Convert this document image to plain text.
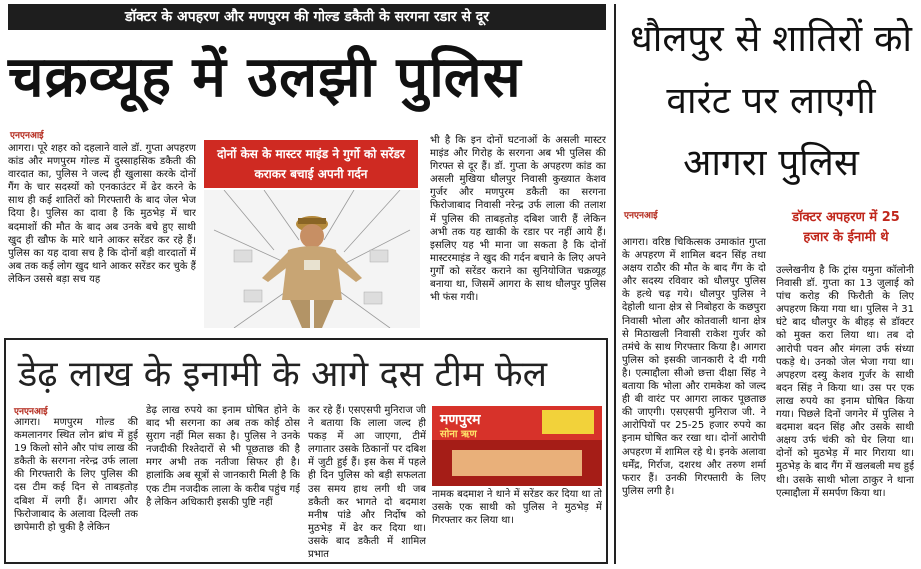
डॉक्टर के अपहरण और मणपुरम की गोल्ड डकैती के सरगना रडार से दूर
चक्रव्यूह में उलझी पुलिस
एनएनआई
आगरा। पूरे शहर को दहलाने वाले डॉ. गुप्ता अपहरण कांड और मणपुरम गोल्ड में दुस्साहसिक डकैती की वारदात का, पुलिस ने जल्द ही खुलासा करके दोनों गैंग के चार सदस्यों को एनकाउंटर में ढेर करने के साथ ही कई शातिरों को गिरफ्तारी के बाद जेल भेज दिया है। पुलिस का दावा है कि मुठभेड़ में चार बदमाशों की मौत के बाद अब उनके बचे हुए साथी खुद ही खौफ के मारे थाने आकर सरेंडर कर रहे हैं। पुलिस का यह दावा सच है कि दोनों बड़ी वारदातों में अब तक कई लोग खुद थाने आकर सरेंडर कर चुके हैं लेकिन उससे बड़ा सच यह
दोनों केस के मास्टर माइंड ने गुर्गो को सरेंडर कराकर बचाई अपनी गर्दन
भी है कि इन दोनों घटनाओं के असली मास्टर माइंड और गिरोह के सरगना अब भी पुलिस की गिरफ्त से दूर हैं। डॉ. गुप्ता के अपहरण कांड का असली मुखिया धौलपुर निवासी कुख्यात केशव गुर्जर और मणपुरम डकैती का सरगना फिरोजाबाद निवासी नरेन्द्र उर्फ लाला की तलाश में पुलिस की ताबड़तोड़ दबिश जारी हैं लेकिन अभी तक यह खाकी के रडार पर नहीं आये हैं। इसलिए यह भी माना जा सकता है कि दोनों मास्टरमाइंड ने खुद की गर्दन बचाने के लिए अपने गुर्गों को सरेंडर कराने का सुनियोजित चक्रव्यूह बनाया था, जिसमें आगरा के साथ धौलपुर पुलिस भी फंस गयी।
डेढ़ लाख के इनामी के आगे दस टीम फेल
एनएनआई
आगरा। मणपुरम गोल्ड की कमलानगर स्थित लोन ब्रांच में हुई 19 किलो सोने और पांच लाख की डकैती के सरगना नरेन्द्र उर्फ लाला की गिरफ्तारी के लिए पुलिस की दस टीम कई दिन से ताबड़तोड़ दबिश में लगी हैं। आगरा और फिरोजाबाद के अलावा दिल्ली तक छापेमारी हो चुकी है लेकिन
डेढ़ लाख रुपये का इनाम घोषित होने के बाद भी सरगना का अब तक कोई ठोस सुराग नहीं मिल सका है। पुलिस ने उनके नजदीकी रिश्तेदारों से भी पूछताछ की है मगर अभी तक नतीजा सिफर ही है। हालांकि अब सूत्रों से जानकारी मिली है कि एक टीम नजदीक लाला के करीब पहुंच गई है लेकिन अधिकारी इसकी पुष्टि नहीं
कर रहे हैं। एसएसपी मुनिराज जी ने बताया कि लाला जल्द ही पकड़ में आ जाएगा, टीमें लगातार उसके ठिकानों पर दबिश में जुटी हुई हैं। इस केस में पहले ही दिन पुलिस को बड़ी सफलता उस समय हाथ लगी थी जब डकैती कर भागते दो बदमाश मनीष पांडे और निर्दोष को मुठभेड़ में ढेर कर दिया था। उसके बाद डकैती में शामिल प्रभात
मणपुरम
सोना ऋण
नामक बदमाश ने थाने में सरेंडर कर दिया था तो उसके एक साथी को पुलिस ने मुठभेड़ में गिरफ्तार कर लिया था।
धौलपुर से शातिरों को वारंट पर लाएगी आगरा पुलिस
एनएनआई	डॉक्टर अपहरण में 25 हजार के ईनामी थे
आगरा। वरिष्ठ चिकित्सक उमाकांत गुप्ता के अपहरण में शामिल बदन सिंह तथा अक्षय राठौर की मौत के बाद गैंग के दो और सदस्य रविवार को धौलपुर पुलिस के हत्थे चढ़ गये। धौलपुर पुलिस ने देहोली थाना क्षेत्र से निबोहरा के कछपुरा निवासी भोला और कोतवाली थाना क्षेत्र से मिठाखली निवासी राकेश गुर्जर को तमंचे के साथ गिरफ्तार किया है। आगरा पुलिस को इसकी जानकारी दे दी गयी है। एत्माद्दौला सीओ छत्ता दीक्षा सिंह ने बताया कि भोला और रामकेश को जल्द ही बी वारंट पर आगरा लाकर पूछताछ की जाएगी। एसएसपी मुनिराज जी. ने आरोपियों पर 25-25 हजार रुपये का इनाम घोषित कर रखा था। दोनों आरोपी अपहरण में शामिल रहे थे। इनके अलावा धर्मेंद्र, गिर्राज, दशरथ और तरुण शर्मा फरार हैं। उनकी गिरफ्तारी के लिए पुलिस लगी है।
उल्लेखनीय है कि ट्रांस यमुना कॉलोनी निवासी डॉ. गुप्ता का 13 जुलाई को पांच करोड़ की फिरौती के लिए अपहरण किया गया था। पुलिस ने 31 घंटे बाद धौलपुर के बीहड़ से डॉक्टर को मुक्त करा लिया था। तब दो आरोपी पवन और मंगला उर्फ संध्या पकड़े थे। उनको जेल भेजा गया था। अपहरण दस्यु केशव गुर्जर के साथी बदन सिंह ने किया था। उस पर एक लाख रुपये का इनाम घोषित किया गया। पिछले दिनों जगनेर में पुलिस ने बदमाश बदन सिंह और उसके साथी अक्षय उर्फ चंकी को घेर लिया था। दोनों को मुठभेड़ में मार गिराया था। मुठभेड़ के बाद गैंग में खलबली मच हुई थी। उसके साथी भोला ठाकुर ने थाना एत्माद्दौला में समर्पण किया था।
